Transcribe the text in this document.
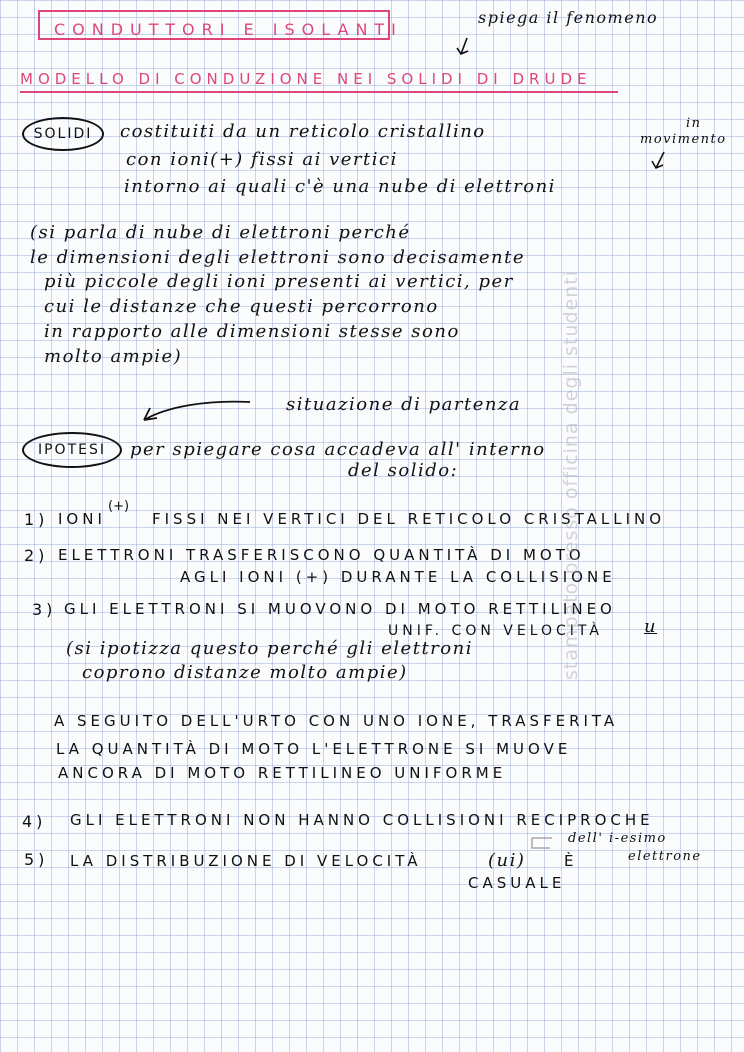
CONDUTTORI E ISOLANTI
spiega il fenomeno
MODELLO DI CONDUZIONE NEI SOLIDI DI DRUDE
SOLIDI	costituiti da un reticolo cristallino
con ioni(+) fissi ai vertici
intorno ai quali c'è una nube di elettroni
in
movimento
(si parla di nube di elettroni perché
le dimensioni degli elettroni sono decisamente
più piccole degli ioni presenti ai vertici, per
cui le distanze che questi percorrono
in rapporto alle dimensioni stesse sono
molto ampie)
situazione di partenza
IPOTESI	per spiegare cosa accadeva all' interno
del solido:
1) IONI
(+)
FISSI NEI VERTICI DEL RETICOLO CRISTALLINO
2) ELETTRONI TRASFERISCONO QUANTITÀ DI MOTO
AGLI IONI (+) DURANTE LA COLLISIONE
3) GLI ELETTRONI SI MUOVONO DI MOTO RETTILINEO
UNIF. CON VELOCITÀ u
(si ipotizza questo perché gli elettroni
coprono distanze molto ampie)
A SEGUITO DELL'URTO CON UNO IONE, TRASFERITA
LA QUANTITÀ DI MOTO L'ELETTRONE SI MUOVE
ANCORA DI MOTO RETTILINEO UNIFORME
4) GLI ELETTRONI NON HANNO COLLISIONI RECIPROCHE
dell' i-esimo
elettrone
5) LA DISTRIBUZIONE DI VELOCITÀ	(ui)	È
CASUALE
stampato presso officina degli studenti
